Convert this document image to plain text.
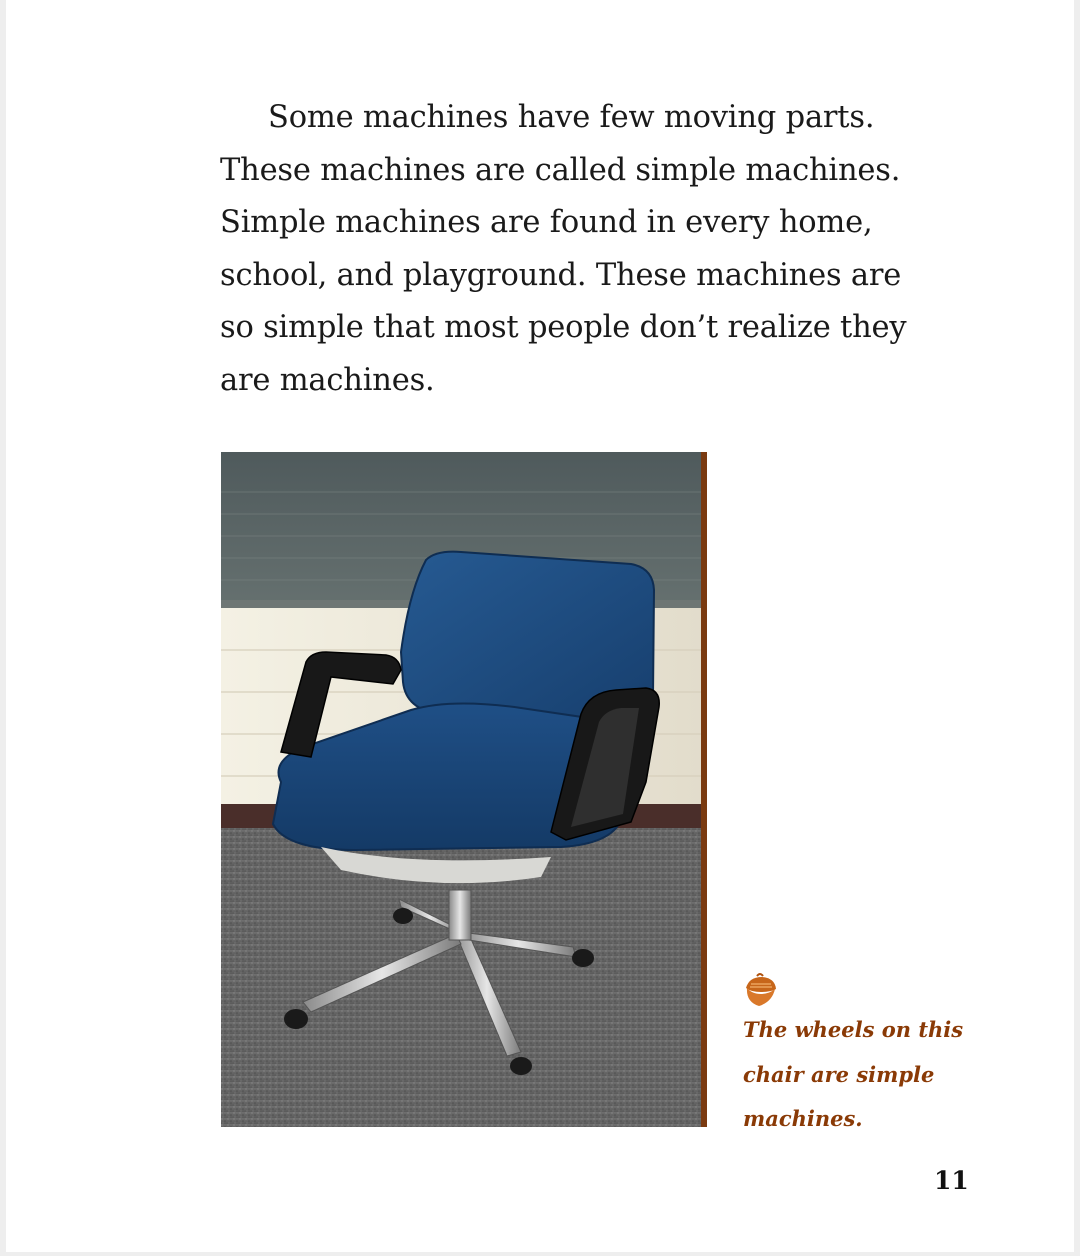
Some machines have few moving parts.
These machines are called simple machines.
Simple machines are found in every home,
school, and playground. These machines are
so simple that most people don’t realize they
are machines.

The wheels on this
chair are simple
machines.

11
